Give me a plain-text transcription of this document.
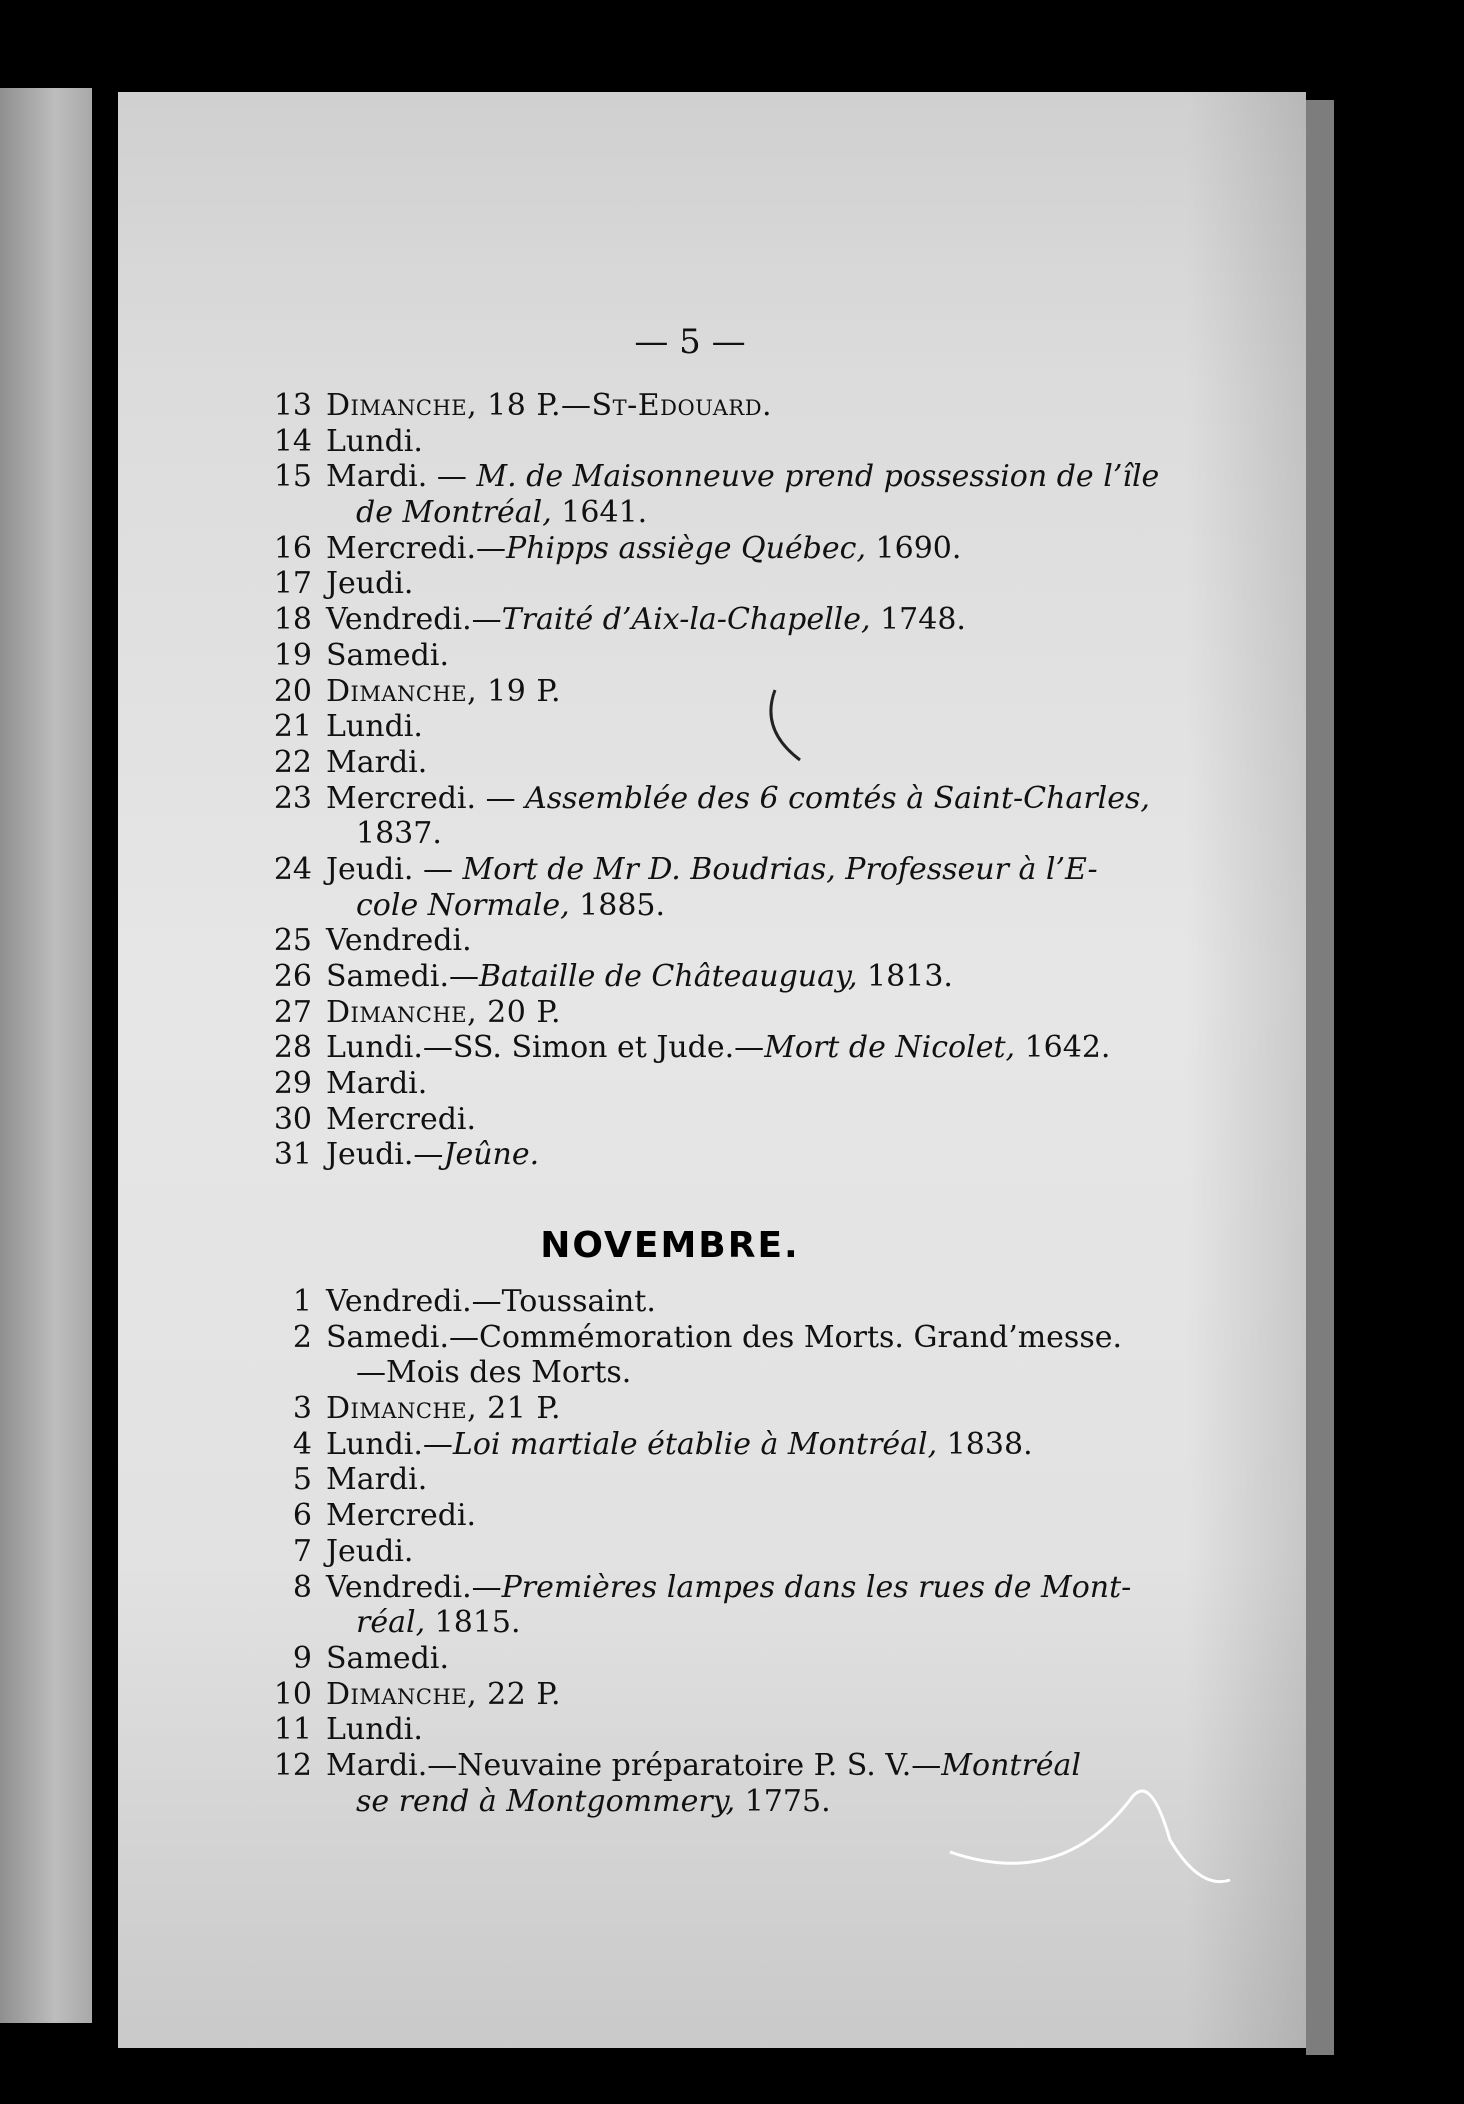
— 5 —
13 Dimanche, 18 P.—St-Edouard.
14 Lundi.
15 Mardi. — M. de Maisonneuve prend possession de l’île
de Montréal, 1641.
16 Mercredi.—Phipps assiège Québec, 1690.
17 Jeudi.
18 Vendredi.—Traité d’Aix-la-Chapelle, 1748.
19 Samedi.
20 Dimanche, 19 P.
21 Lundi.
22 Mardi.
23 Mercredi. — Assemblée des 6 comtés à Saint-Charles,
1837.
24 Jeudi. — Mort de Mr D. Boudrias, Professeur à l’E-
cole Normale, 1885.
25 Vendredi.
26 Samedi.—Bataille de Châteauguay, 1813.
27 Dimanche, 20 P.
28 Lundi.—SS. Simon et Jude.—Mort de Nicolet, 1642.
29 Mardi.
30 Mercredi.
31 Jeudi.—Jeûne.
NOVEMBRE.
1 Vendredi.—Toussaint.
2 Samedi.—Commémoration des Morts. Grand’messe.
—Mois des Morts.
3 Dimanche, 21 P.
4 Lundi.—Loi martiale établie à Montréal, 1838.
5 Mardi.
6 Mercredi.
7 Jeudi.
8 Vendredi.—Premières lampes dans les rues de Mont-
réal, 1815.
9 Samedi.
10 Dimanche, 22 P.
11 Lundi.
12 Mardi.—Neuvaine préparatoire P. S. V.—Montréal
se rend à Montgommery, 1775.
